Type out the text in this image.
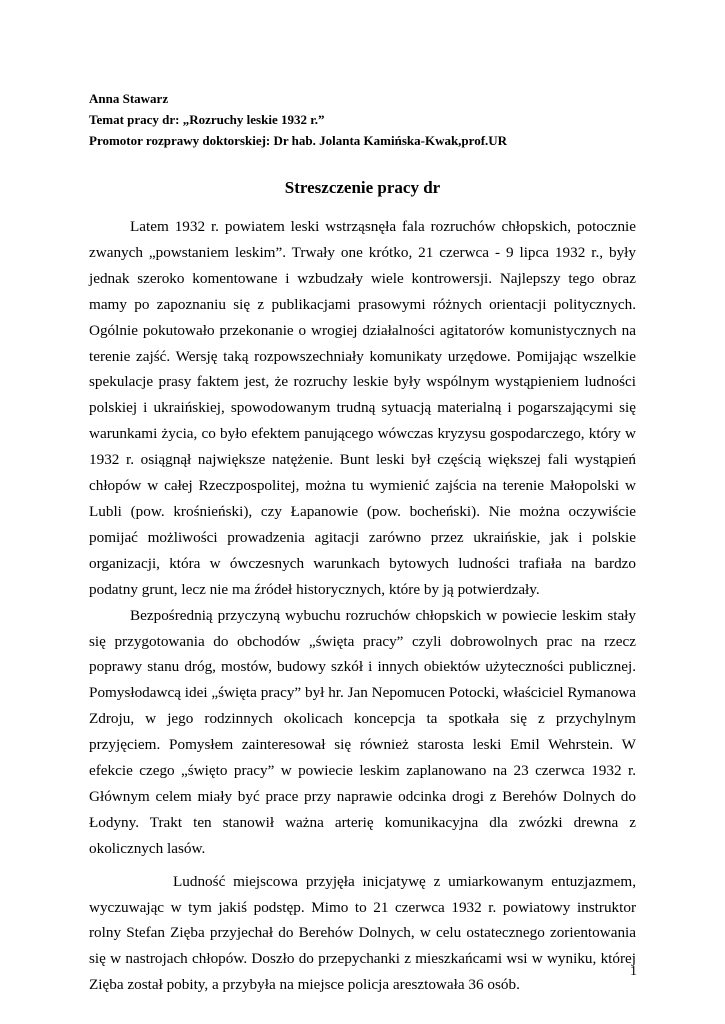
Anna Stawarz
Temat pracy dr: „Rozruchy leskie 1932 r.”
Promotor rozprawy doktorskiej: Dr hab. Jolanta Kamińska-Kwak,prof.UR
Streszczenie pracy dr

Latem 1932 r. powiatem leski wstrząsnęła fala rozruchów chłopskich, potocznie zwanych „powstaniem leskim”. Trwały one krótko, 21 czerwca - 9 lipca 1932 r., były jednak szeroko komentowane i wzbudzały wiele kontrowersji. Najlepszy tego obraz mamy po zapoznaniu się z publikacjami prasowymi różnych orientacji politycznych. Ogólnie pokutowało przekonanie o wrogiej działalności agitatorów komunistycznych na terenie zajść. Wersję taką rozpowszechniały komunikaty urzędowe. Pomijając wszelkie spekulacje prasy faktem jest, że rozruchy leskie były wspólnym wystąpieniem ludności polskiej i ukraińskiej, spowodowanym trudną sytuacją materialną i pogarszającymi się warunkami życia, co było efektem panującego wówczas kryzysu gospodarczego, który w 1932 r. osiągnął największe natężenie. Bunt leski był częścią większej fali wystąpień chłopów w całej Rzeczpospolitej, można tu wymienić zajścia na terenie Małopolski w Lubli (pow. krośnieński), czy Łapanowie (pow. bocheński). Nie można oczywiście pomijać możliwości prowadzenia agitacji zarówno przez ukraińskie, jak i polskie organizacji, która w ówczesnych warunkach bytowych ludności trafiała na bardzo podatny grunt, lecz nie ma źródeł historycznych, które by ją potwierdzały.

Bezpośrednią przyczyną wybuchu rozruchów chłopskich w powiecie leskim stały się przygotowania do obchodów „święta pracy” czyli dobrowolnych prac na rzecz poprawy stanu dróg, mostów, budowy szkół i innych obiektów użyteczności publicznej. Pomysłodawcą idei „święta pracy” był hr. Jan Nepomucen Potocki, właściciel Rymanowa Zdroju, w jego rodzinnych okolicach koncepcja ta spotkała się z przychylnym przyjęciem. Pomysłem zainteresował się również starosta leski Emil Wehrstein. W efekcie czego „święto pracy” w powiecie leskim zaplanowano na 23 czerwca 1932 r. Głównym celem miały być prace przy naprawie odcinka drogi z Berehów Dolnych do Łodyny. Trakt ten stanowił ważna arterię komunikacyjna dla zwózki drewna z okolicznych lasów.

Ludność miejscowa przyjęła inicjatywę z umiarkowanym entuzjazmem, wyczuwając w tym jakiś podstęp. Mimo to 21 czerwca 1932 r. powiatowy instruktor rolny Stefan Zięba przyjechał do Berehów Dolnych, w celu ostatecznego zorientowania się w nastrojach chłopów. Doszło do przepychanki z mieszkańcami wsi w wyniku, której Zięba został pobity, a przybyła na miejsce policja aresztowała 36 osób.

1
